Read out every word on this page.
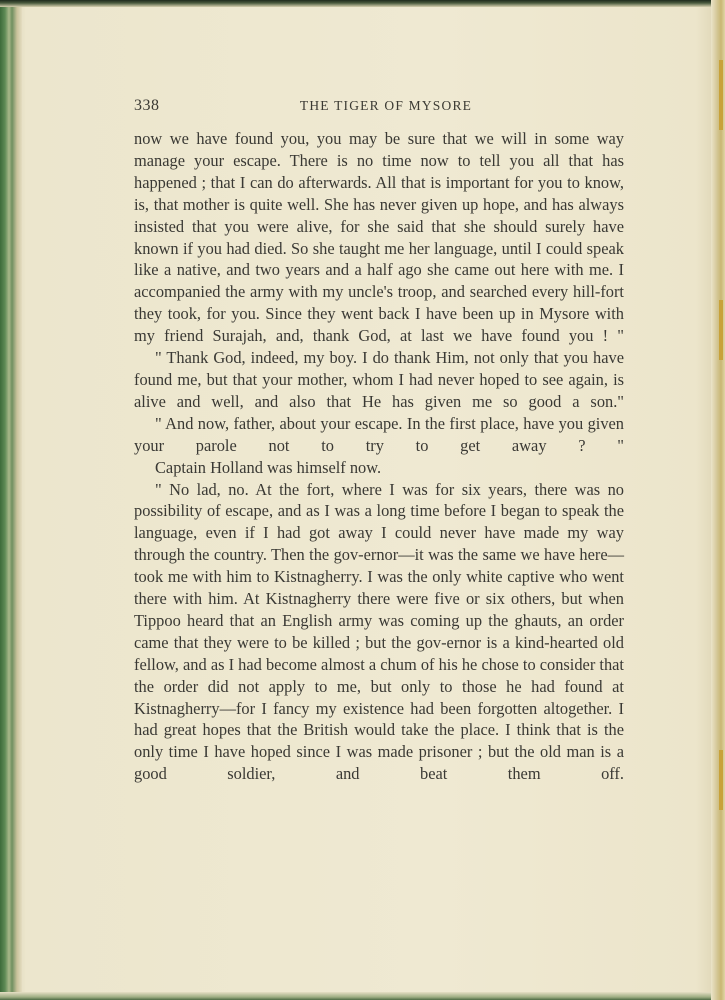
338	THE TIGER OF MYSORE

now we have found you, you may be sure that we will in some way manage your escape. There is no time now to tell you all that has happened ; that I can do afterwards. All that is important for you to know, is, that mother is quite well. She has never given up hope, and has always insisted that you were alive, for she said that she should surely have known if you had died. So she taught me her language, until I could speak like a native, and two years and a half ago she came out here with me. I accompanied the army with my uncle's troop, and searched every hill-fort they took, for you. Since they went back I have been up in Mysore with my friend Surajah, and, thank God, at last we have found you ! "

" Thank God, indeed, my boy. I do thank Him, not only that you have found me, but that your mother, whom I had never hoped to see again, is alive and well, and also that He has given me so good a son."

" And now, father, about your escape. In the first place, have you given your parole not to try to get away ? "

Captain Holland was himself now.

" No lad, no. At the fort, where I was for six years, there was no possibility of escape, and as I was a long time before I began to speak the language, even if I had got away I could never have made my way through the country. Then the gov-ernor—it was the same we have here—took me with him to Kistnagherry. I was the only white captive who went there with him. At Kistnagherry there were five or six others, but when Tippoo heard that an English army was coming up the ghauts, an order came that they were to be killed ; but the gov-ernor is a kind-hearted old fellow, and as I had become almost a chum of his he chose to consider that the order did not apply to me, but only to those he had found at Kistnagherry—for I fancy my existence had been forgotten altogether. I had great hopes that the British would take the place. I think that is the only time I have hoped since I was made prisoner ; but the old man is a good soldier, and beat them off.
